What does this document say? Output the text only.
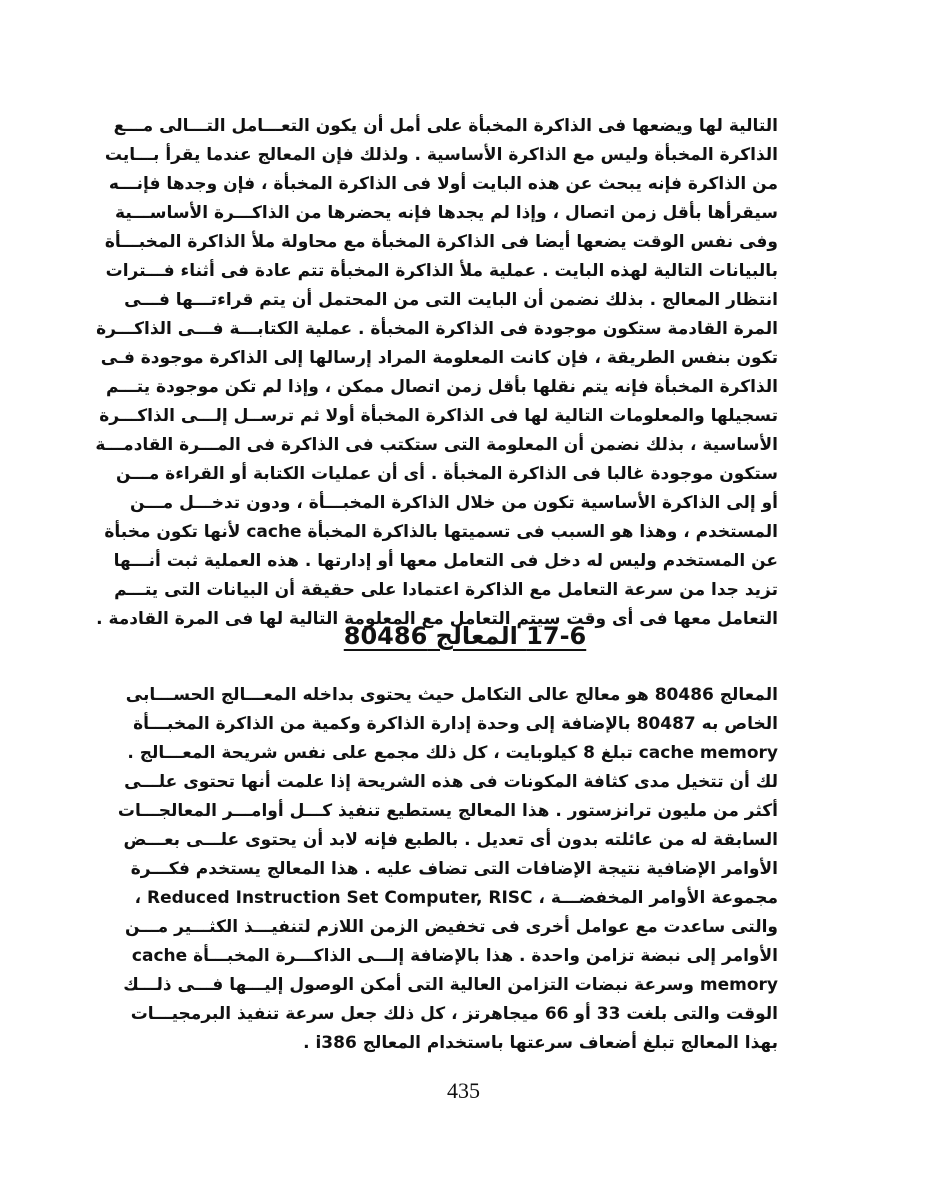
التالية لها ويضعها فى الذاكرة المخبأة على أمل أن يكون التعـــامل التـــالى مـــع
الذاكرة المخبأة وليس مع الذاكرة الأساسية . ولذلك فإن المعالج عندما يقرأ بـــايت
من الذاكرة فإنه يبحث عن هذه البايت أولا فى الذاكرة المخبأة ، فإن وجدها فإنـــه
سيقرأها بأقل زمن اتصال ، وإذا لم يجدها فإنه يحضرها من الذاكـــرة الأساســـية
وفى نفس الوقت يضعها أيضا فى الذاكرة المخبأة مع محاولة ملأ الذاكرة المخبـــأة
بالبيانات التالية لهذه البايت . عملية ملأ الذاكرة المخبأة تتم عادة فى أثناء فـــترات
انتظار المعالج . بذلك نضمن أن البايت التى من المحتمل أن يتم قراءتـــها فـــى
المرة القادمة ستكون موجودة فى الذاكرة المخبأة . عملية الكتابـــة فـــى الذاكـــرة
تكون بنفس الطريقة ، فإن كانت المعلومة المراد إرسالها إلى الذاكرة موجودة فـى
الذاكرة المخبأة فإنه يتم نقلها بأقل زمن اتصال ممكن ، وإذا لم تكن موجودة يتـــم
تسجيلها والمعلومات التالية لها فى الذاكرة المخبأة أولا ثم ترســل إلـــى الذاكـــرة
الأساسية ، بذلك نضمن أن المعلومة التى ستكتب فى الذاكرة فى المـــرة القادمـــة
ستكون موجودة غالبا فى الذاكرة المخبأة . أى أن عمليات الكتابة أو القراءة مـــن
أو إلى الذاكرة الأساسية تكون من خلال الذاكرة المخبـــأة ، ودون تدخـــل مـــن
المستخدم ، وهذا هو السبب فى تسميتها بالذاكرة المخبأة cache لأنها تكون مخبأة
عن المستخدم وليس له دخل فى التعامل معها أو إدارتها . هذه العملية ثبت أنـــها
تزيد جدا من سرعة التعامل مع الذاكرة اعتمادا على حقيقة أن البيانات التى يتـــم
التعامل معها فى أى وقت سيتم التعامل مع المعلومة التالية لها فى المرة القادمة .
17-6 المعالج 80486
المعالج 80486 هو معالج عالى التكامل حيث يحتوى بداخله المعـــالج الحســـابى
الخاص به 80487 بالإضافة إلى وحدة إدارة الذاكرة وكمية من الذاكرة المخبـــأة
cache memory تبلغ 8 كيلوبايت ، كل ذلك مجمع على نفس شريحة المعـــالج .
لك أن تتخيل مدى كثافة المكونات فى هذه الشريحة إذا علمت أنها تحتوى علـــى
أكثر من مليون ترانزستور . هذا المعالج يستطيع تنفيذ كـــل أوامـــر المعالجـــات
السابقة له من عائلته بدون أى تعديل . بالطبع فإنه لابد أن يحتوى علـــى بعـــض
الأوامر الإضافية نتيجة الإضافات التى تضاف عليه . هذا المعالج يستخدم فكـــرة
مجموعة الأوامر المخفضـــة ، Reduced Instruction Set Computer, RISC ،
والتى ساعدت مع عوامل أخرى فى تخفيض الزمن اللازم لتنفيـــذ الكثـــير مـــن
الأوامر إلى نبضة تزامن واحدة . هذا بالإضافة إلـــى الذاكـــرة المخبـــأة cache
memory وسرعة نبضات التزامن العالية التى أمكن الوصول إليـــها فـــى ذلـــك
الوقت والتى بلغت 33 أو 66 ميجاهرتز ، كل ذلك جعل سرعة تنفيذ البرمجيـــات
بهذا المعالج تبلغ أضعاف سرعتها باستخدام المعالج i386 .
435
